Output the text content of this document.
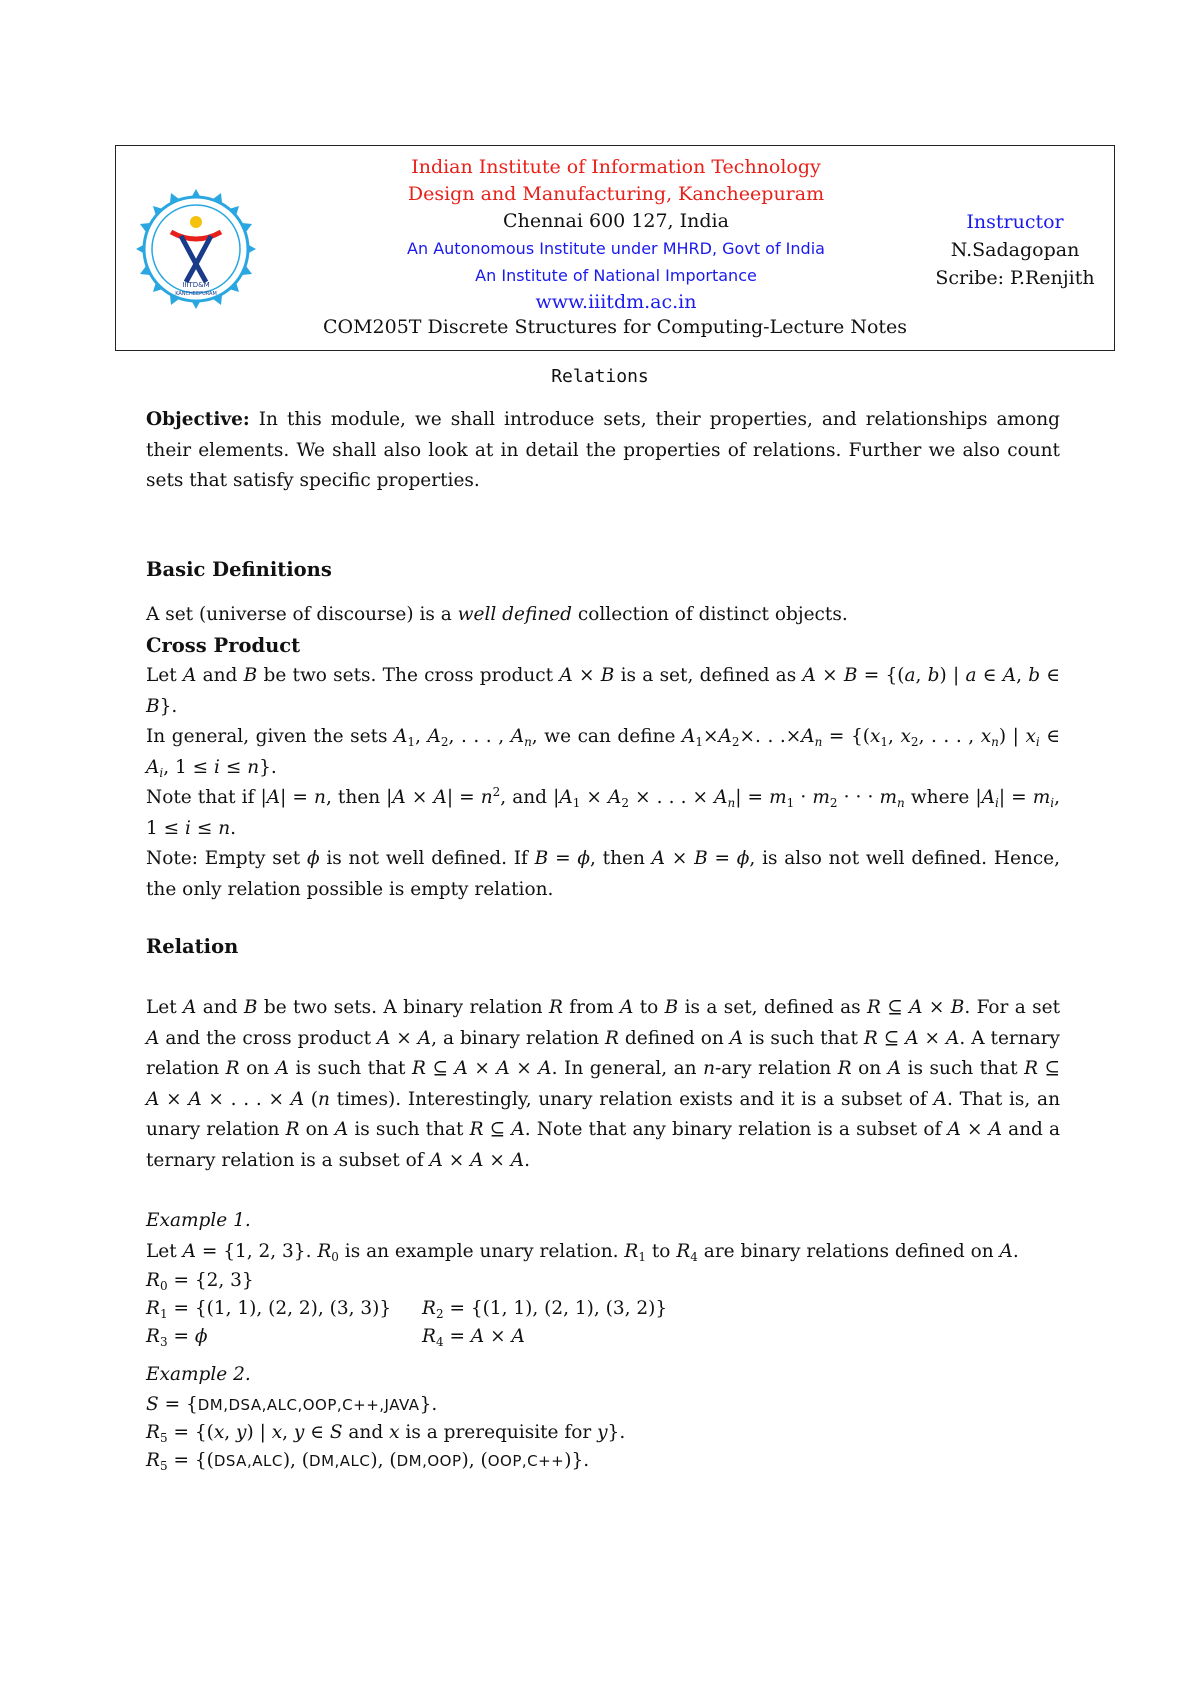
IIITD&M
KANCHEEPURAM
Indian Institute of Information Technology
Design and Manufacturing, Kancheepuram
Chennai 600 127, India
An Autonomous Institute under MHRD, Govt of India
An Institute of National Importance
www.iiitdm.ac.in
Instructor
N.Sadagopan
Scribe: P.Renjith
COM205T Discrete Structures for Computing-Lecture Notes
Relations

Objective: In this module, we shall introduce sets, their properties, and relationships among their elements. We shall also look at in detail the properties of relations. Further we also count sets that satisfy specific properties.

Basic Definitions

A set (universe of discourse) is a well defined collection of distinct objects.

Cross Product

Let A and B be two sets. The cross product A × B is a set, defined as A × B = {(a, b) | a ∈ A, b ∈ B}.

In general, given the sets $A_1$, $A_2$, . . . , $A_n$, we can define $A_1\times A_2\times$. . $.\times A_n = \{(x_1$, $x_2$, . . . , $x_n$) | $x_i$ ∈ $A_i$, 1 ≤ i ≤ n}.

Note that if |A| = n, then $|A \times A| = n^2$, and $|A_1 \times A_2$ × . . . × $A_n| = m_1 \cdot m_2$ · · · $m_n$ where $|A_i| = m_i$, 1 ≤ i ≤ n.

Note: Empty set ϕ is not well defined. If B = ϕ, then A × B = ϕ, is also not well defined. Hence, the only relation possible is empty relation.

Relation

Let A and B be two sets. A binary relation R from A to B is a set, defined as R ⊆ A × B. For a set A and the cross product A × A, a binary relation R defined on A is such that R ⊆ A × A. A ternary relation R on A is such that R ⊆ A × A × A. In general, an n-ary relation R on A is such that R ⊆ A × A × . . . × A (n times). Interestingly, unary relation exists and it is a subset of A. That is, an unary relation R on A is such that R ⊆ A. Note that any binary relation is a subset of A × A and a ternary relation is a subset of A × A × A.

Example 1.

Let A = {1, 2, 3}. $R_0$ is an example unary relation. $R_1$ to $R_4$ are binary relations defined on A.

$R_0 = \{2$, 3}

$R_1 = \{(1$, 1), (2, 2), (3, 3)} $R_2 = \{(1$, 1), (2, 1), (3, 2)}

$R_3 = \phi$	$R_4 = A \times A$

Example 2.

S = {DM,DSA,ALC,OOP,C++,JAVA}.

$R_5 = \{(x$, y) | x, y ∈ S and x is a prerequisite for y}.

$R_5 = \{(DSA,ALC)$, (DM,ALC), (DM,OOP), (OOP,C++)}.
